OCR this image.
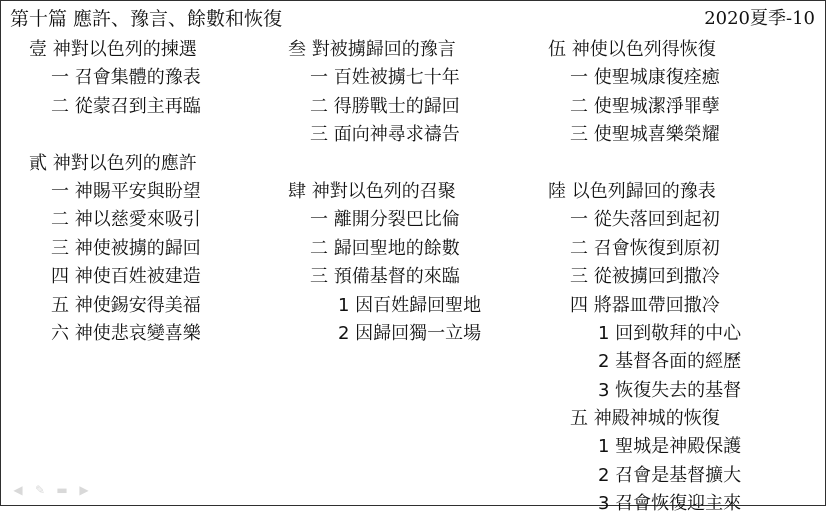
第十篇 應許、豫言、餘數和恢復	2020夏季-10
壹 神對以色列的揀選
一 召會集體的豫表
二 從蒙召到主再臨
貳 神對以色列的應許
一 神賜平安與盼望
二 神以慈愛來吸引
三 神使被擄的歸回
四 神使百姓被建造
五 神使錫安得美福
六 神使悲哀變喜樂
叁 對被擄歸回的豫言
一 百姓被擄七十年
二 得勝戰士的歸回
三 面向神尋求禱告
肆 神對以色列的召聚
一 離開分裂巴比倫
二 歸回聖地的餘數
三 預備基督的來臨
1 因百姓歸回聖地
2 因歸回獨一立場
伍 神使以色列得恢復
一 使聖城康復痊癒
二 使聖城潔淨罪孽
三 使聖城喜樂榮耀
陸 以色列歸回的豫表
一 從失落回到起初
二 召會恢復到原初
三 從被擄回到撒冷
四 將器皿帶回撒冷
1 回到敬拜的中心
2 基督各面的經歷
3 恢復失去的基督
五 神殿神城的恢復
1 聖城是神殿保護
2 召會是基督擴大
3 召會恢復迎主來
◀ ✎ ▬ ▶
